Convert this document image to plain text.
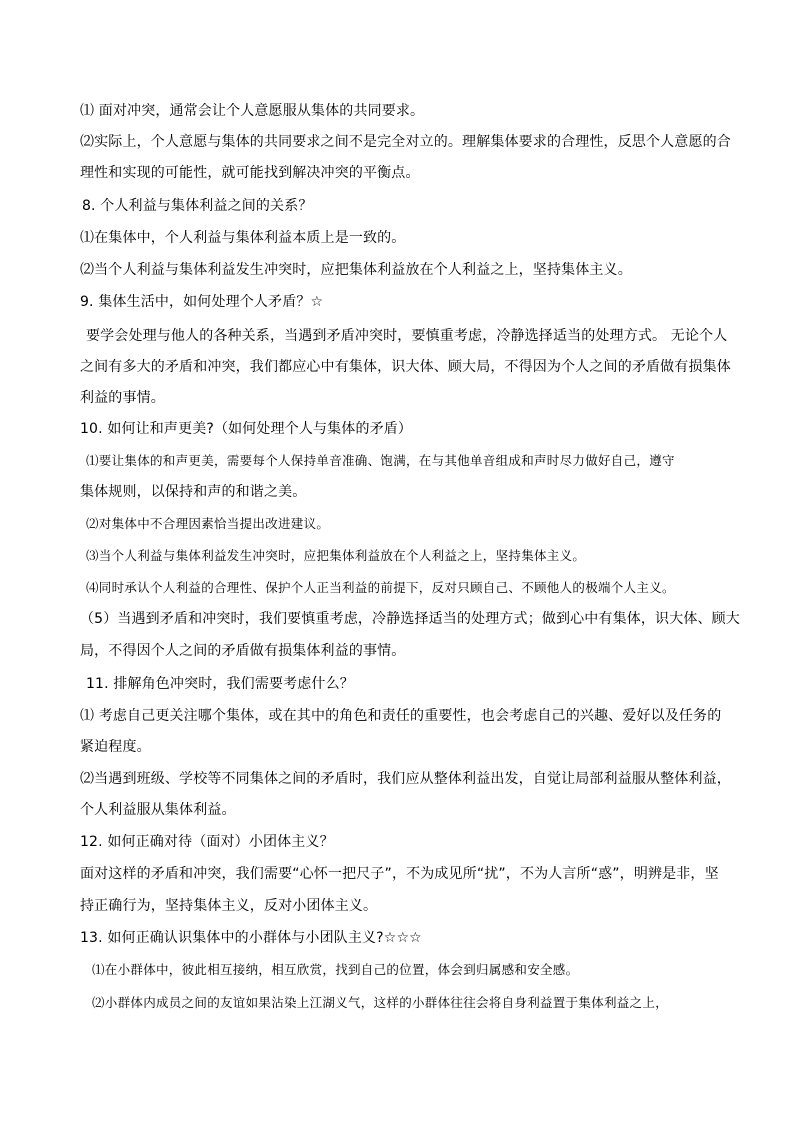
⑴ 面对冲突，通常会让个人意愿服从集体的共同要求。
⑵实际上，个人意愿与集体的共同要求之间不是完全对立的。理解集体要求的合理性，反思个人意愿的合
理性和实现的可能性，就可能找到解决冲突的平衡点。
8. 个人利益与集体利益之间的关系？
⑴在集体中，个人利益与集体利益本质上是一致的。
⑵当个人利益与集体利益发生冲突时，应把集体利益放在个人利益之上，坚持集体主义。
9. 集体生活中，如何处理个人矛盾？☆
要学会处理与他人的各种关系，当遇到矛盾冲突时，要慎重考虑，冷静选择适当的处理方式。 无论个人
之间有多大的矛盾和冲突，我们都应心中有集体，识大体、顾大局，不得因为个人之间的矛盾做有损集体
利益的事情。
10. 如何让和声更美?（如何处理个人与集体的矛盾）
⑴要让集体的和声更美，需要每个人保持单音准确、饱满，在与其他单音组成和声时尽力做好自己，遵守
集体规则，以保持和声的和谐之美。
⑵对集体中不合理因素恰当提出改进建议。
⑶当个人利益与集体利益发生冲突时，应把集体利益放在个人利益之上，坚持集体主义。
⑷同时承认个人利益的合理性、保护个人正当利益的前提下，反对只顾自己、不顾他人的极端个人主义。
（5）当遇到矛盾和冲突时，我们要慎重考虑，冷静选择适当的处理方式；做到心中有集体，识大体、顾大
局，不得因个人之间的矛盾做有损集体利益的事情。
11. 排解角色冲突时，我们需要考虑什么？
⑴ 考虑自己更关注哪个集体，或在其中的角色和责任的重要性，也会考虑自己的兴趣、爱好以及任务的
紧迫程度。
⑵当遇到班级、学校等不同集体之间的矛盾时，我们应从整体利益出发，自觉让局部利益服从整体利益，
个人利益服从集体利益。
12. 如何正确对待（面对）小团体主义？
面对这样的矛盾和冲突，我们需要“心怀一把尺子”，不为成见所“扰”，不为人言所“惑”，明辨是非，坚
持正确行为，坚持集体主义，反对小团体主义。
13. 如何正确认识集体中的小群体与小团队主义?☆☆☆
⑴在小群体中，彼此相互接纳，相互欣赏，找到自己的位置，体会到归属感和安全感。
⑵小群体内成员之间的友谊如果沾染上江湖义气，这样的小群体往往会将自身利益置于集体利益之上，
